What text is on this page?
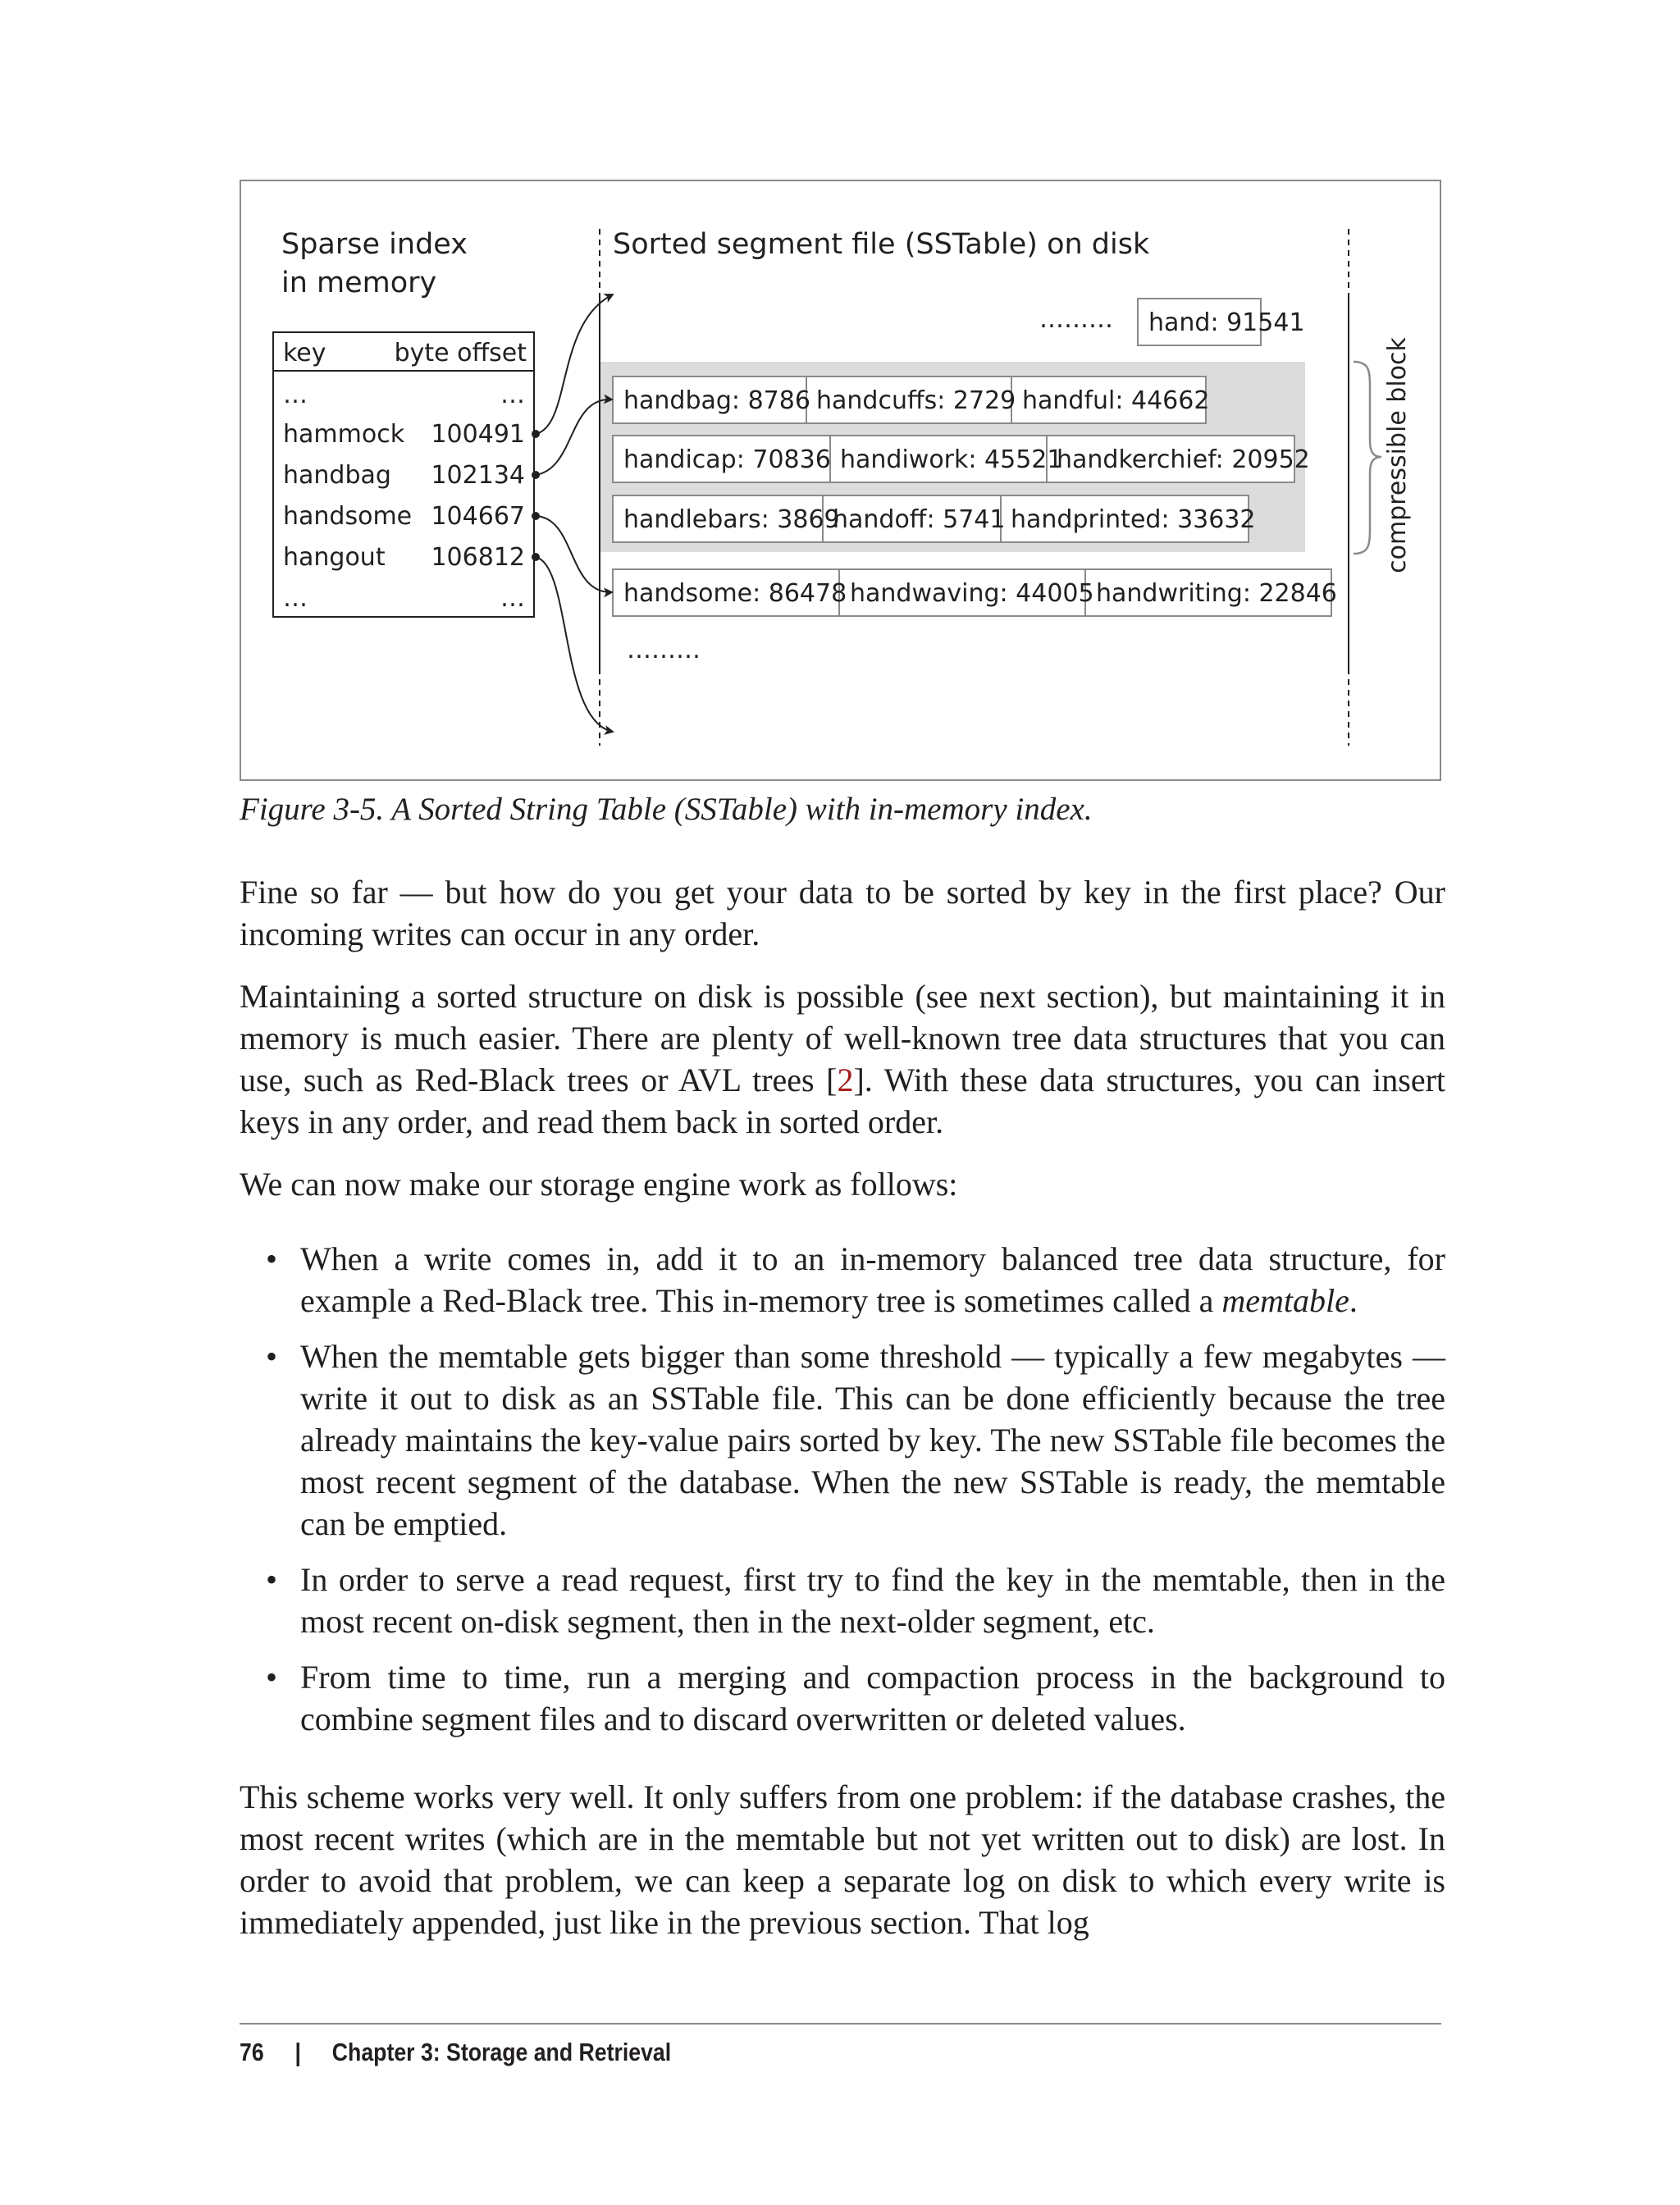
Sparse index
in memory
Sorted segment file (SSTable) on disk
key	byte offset
…	…
hammock 100491
handbag 102134
handsome 104667
hangout 106812
…	…
……… hand: 91541
handbag: 8786 handcuffs: 2729 handful: 44662
handicap: 70836 handiwork: 45521
handkerchief: 20952
handlebars: 3869
handoff: 5741 handprinted: 33632
handsome: 86478 handwaving: 44005 handwriting: 22846
………
compressible block
Figure 3-5. A Sorted String Table (SSTable) with in-memory index.

Fine so far — but how do you get your data to be sorted by key in the first place? Our incoming writes can occur in any order.

Maintaining a sorted structure on disk is possible (see next section), but maintaining it in memory is much easier. There are plenty of well-known tree data structures that you can use, such as Red-Black trees or AVL trees [2]. With these data structures, you can insert keys in any order, and read them back in sorted order.

We can now make our storage engine work as follows:

• When a write comes in, add it to an in-memory balanced tree data structure, for example a Red-Black tree. This in-memory tree is sometimes called a memtable.
• When the memtable gets bigger than some threshold — typically a few megabytes — write it out to disk as an SSTable file. This can be done efficiently because the tree already maintains the key-value pairs sorted by key. The new SSTable file becomes the most recent segment of the database. When the new SSTable is ready, the memtable can be emptied.
• In order to serve a read request, first try to find the key in the memtable, then in the most recent on-disk segment, then in the next-older segment, etc.
• From time to time, run a merging and compaction process in the background to combine segment files and to discard overwritten or deleted values.

This scheme works very well. It only suffers from one problem: if the database crashes, the most recent writes (which are in the memtable but not yet written out to disk) are lost. In order to avoid that problem, we can keep a separate log on disk to which every write is immediately appended, just like in the previous section. That log

76 | Chapter 3: Storage and Retrieval
